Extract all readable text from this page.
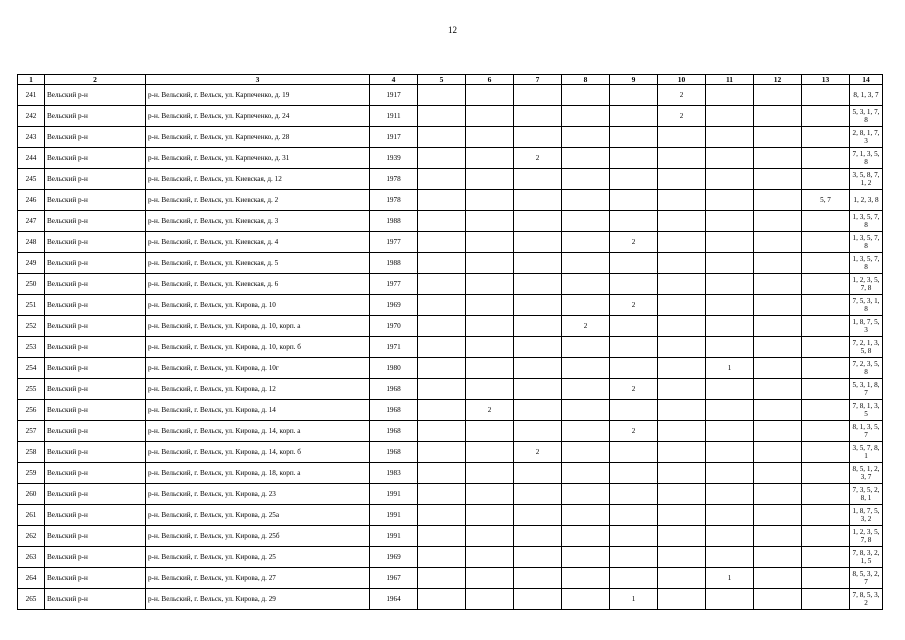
12
1	2	3	4	5	6	7	8	9	10	11	12	13	14
241	Вельский р-н	р-н. Вельский, г. Вельск, ул. Карпеченко, д. 19	1917						2				8, 1, 3, 7
242	Вельский р-н	р-н. Вельский, г. Вельск, ул. Карпеченко, д. 24	1911						2				5, 3, 1, 7, 8
243	Вельский р-н	р-н. Вельский, г. Вельск, ул. Карпеченко, д. 28	1917										2, 8, 1, 7, 3
244	Вельский р-н	р-н. Вельский, г. Вельск, ул. Карпеченко, д. 31	1939			2							7, 1, 3, 5, 8
245	Вельский р-н	р-н. Вельский, г. Вельск, ул. Киевская, д. 12	1978										3, 5, 8, 7, 1, 2
246	Вельский р-н	р-н. Вельский, г. Вельск, ул. Киевская, д. 2	1978									5, 7	1, 2, 3, 8
247	Вельский р-н	р-н. Вельский, г. Вельск, ул. Киевская, д. 3	1988										1, 3, 5, 7, 8
248	Вельский р-н	р-н. Вельский, г. Вельск, ул. Киевская, д. 4	1977					2					1, 3, 5, 7, 8
249	Вельский р-н	р-н. Вельский, г. Вельск, ул. Киевская, д. 5	1988										1, 3, 5, 7, 8
250	Вельский р-н	р-н. Вельский, г. Вельск, ул. Киевская, д. 6	1977										1, 2, 3, 5, 7, 8
251	Вельский р-н	р-н. Вельский, г. Вельск, ул. Кирова, д. 10	1969					2					7, 5, 3, 1, 8
252	Вельский р-н	р-н. Вельский, г. Вельск, ул. Кирова, д. 10, корп. а	1970				2						1, 8, 7, 5, 3
253	Вельский р-н	р-н. Вельский, г. Вельск, ул. Кирова, д. 10, корп. б	1971										7, 2, 1, 3, 5, 8
254	Вельский р-н	р-н. Вельский, г. Вельск, ул. Кирова, д. 10г	1980							1			7, 2, 3, 5, 8
255	Вельский р-н	р-н. Вельский, г. Вельск, ул. Кирова, д. 12	1968					2					5, 3, 1, 8, 7
256	Вельский р-н	р-н. Вельский, г. Вельск, ул. Кирова, д. 14	1968		2								7, 8, 1, 3, 5
257	Вельский р-н	р-н. Вельский, г. Вельск, ул. Кирова, д. 14, корп. а	1968					2					8, 1, 3, 5, 7
258	Вельский р-н	р-н. Вельский, г. Вельск, ул. Кирова, д. 14, корп. б	1968			2							3, 5, 7, 8, 1
259	Вельский р-н	р-н. Вельский, г. Вельск, ул. Кирова, д. 18, корп. а	1983										8, 5, 1, 2, 3, 7
260	Вельский р-н	р-н. Вельский, г. Вельск, ул. Кирова, д. 23	1991										7, 3, 5, 2, 8, 1
261	Вельский р-н	р-н. Вельский, г. Вельск, ул. Кирова, д. 25а	1991										1, 8, 7, 5, 3, 2
262	Вельский р-н	р-н. Вельский, г. Вельск, ул. Кирова, д. 25б	1991										1, 2, 3, 5, 7, 8
263	Вельский р-н	р-н. Вельский, г. Вельск, ул. Кирова, д. 25	1969										7, 8, 3, 2, 1, 5
264	Вельский р-н	р-н. Вельский, г. Вельск, ул. Кирова, д. 27	1967							1			8, 5, 3, 2, 7
265	Вельский р-н	р-н. Вельский, г. Вельск, ул. Кирова, д. 29	1964					1					7, 8, 5, 3, 2
